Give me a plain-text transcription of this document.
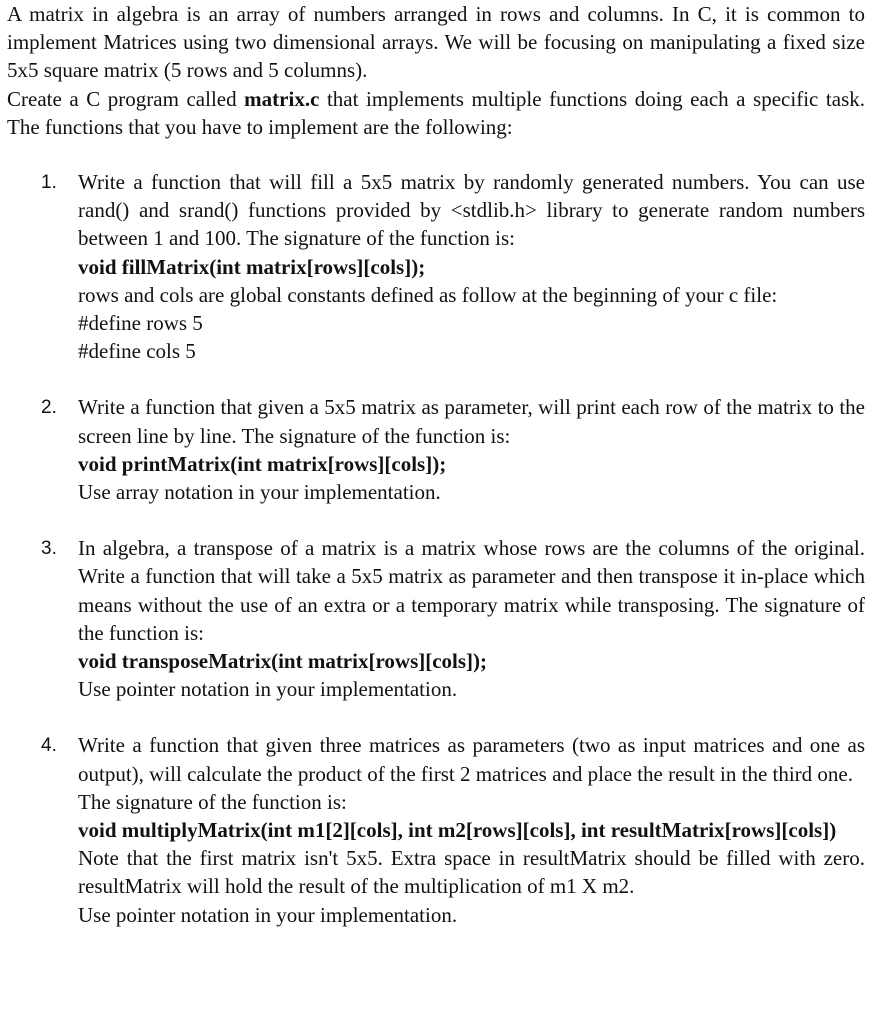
A matrix in algebra is an array of numbers arranged in rows and columns. In C, it is common to implement Matrices using two dimensional arrays. We will be focusing on manipulating a fixed size 5x5 square matrix (5 rows and 5 columns).

Create a C program called matrix.c that implements multiple functions doing each a specific task. The functions that you have to implement are the following:

1. Write a function that will fill a 5x5 matrix by randomly generated numbers. You can use rand() and srand() functions provided by <stdlib.h> library to generate random numbers between 1 and 100. The signature of the function is:

void fillMatrix(int matrix[rows][cols]);

rows and cols are global constants defined as follow at the beginning of your c file:

#define rows 5
#define cols 5
2. Write a function that given a 5x5 matrix as parameter, will print each row of the matrix to the screen line by line. The signature of the function is:

void printMatrix(int matrix[rows][cols]);
Use array notation in your implementation.
3. In algebra, a transpose of a matrix is a matrix whose rows are the columns of the original. Write a function that will take a 5x5 matrix as parameter and then transpose it in-place which means without the use of an extra or a temporary matrix while transposing. The signature of the function is:

void transposeMatrix(int matrix[rows][cols]);
Use pointer notation in your implementation.
4. Write a function that given three matrices as parameters (two as input matrices and one as output), will calculate the product of the first 2 matrices and place the result in the third one.

The signature of the function is:
void multiplyMatrix(int m1[2][cols], int m2[rows][cols], int resultMatrix[rows][cols])

Note that the first matrix isn't 5x5. Extra space in resultMatrix should be filled with zero. resultMatrix will hold the result of the multiplication of m1 X m2.

Use pointer notation in your implementation.
